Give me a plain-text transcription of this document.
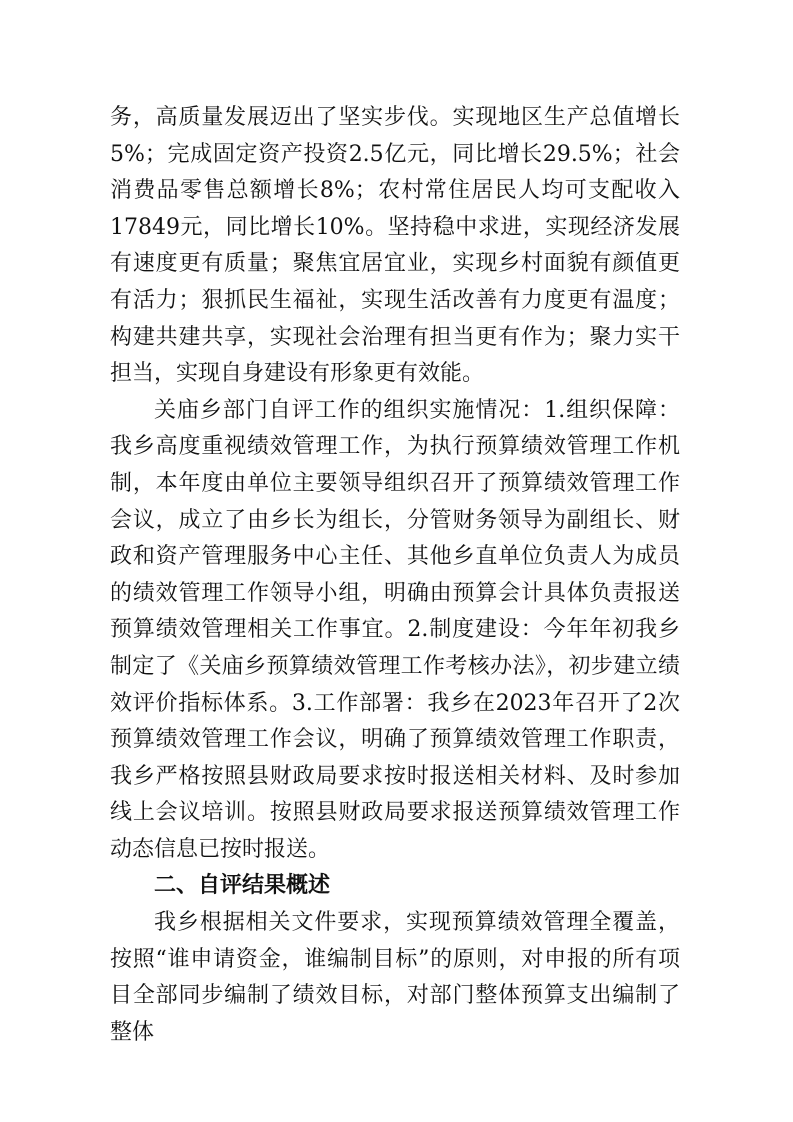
务，高质量发展迈出了坚实步伐。实现地区生产总值增长5%；完成固定资产投资2.5亿元，同比增长29.5%；社会消费品零售总额增长8%；农村常住居民人均可支配收入17849元，同比增长10%。坚持稳中求进，实现经济发展有速度更有质量；聚焦宜居宜业，实现乡村面貌有颜值更有活力；狠抓民生福祉，实现生活改善有力度更有温度；构建共建共享，实现社会治理有担当更有作为；聚力实干担当，实现自身建设有形象更有效能。

关庙乡部门自评工作的组织实施情况：1.组织保障：我乡高度重视绩效管理工作，为执行预算绩效管理工作机制，本年度由单位主要领导组织召开了预算绩效管理工作会议，成立了由乡长为组长，分管财务领导为副组长、财政和资产管理服务中心主任、其他乡直单位负责人为成员的绩效管理工作领导小组，明确由预算会计具体负责报送预算绩效管理相关工作事宜。2.制度建设：今年年初我乡制定了《关庙乡预算绩效管理工作考核办法》，初步建立绩效评价指标体系。3.工作部署：我乡在2023年召开了2次预算绩效管理工作会议，明确了预算绩效管理工作职责，我乡严格按照县财政局要求按时报送相关材料、及时参加线上会议培训。按照县财政局要求报送预算绩效管理工作动态信息已按时报送。

二、自评结果概述

我乡根据相关文件要求，实现预算绩效管理全覆盖，按照“谁申请资金，谁编制目标”的原则，对申报的所有项目全部同步编制了绩效目标，对部门整体预算支出编制了整体
